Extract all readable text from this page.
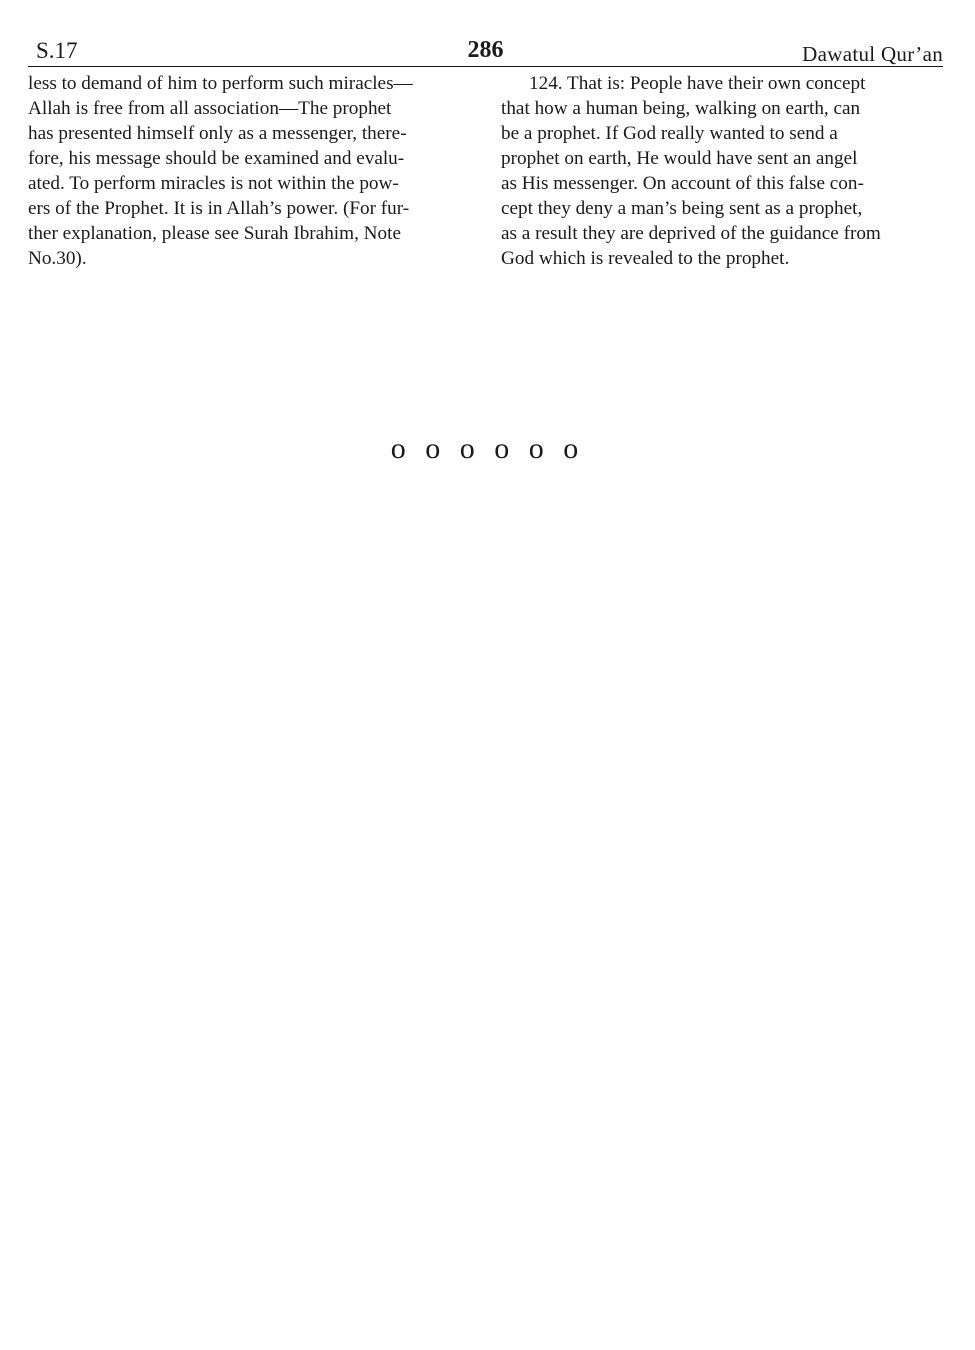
S.17	286	Dawatul Qur’an

less to demand of him to perform such miracles—
Allah is free from all association—The prophet
has presented himself only as a messenger, there-
fore, his message should be examined and evalu-
ated. To perform miracles is not within the pow-
ers of the Prophet. It is in Allah’s power. (For fur-
ther explanation, please see Surah Ibrahim, Note
No.30).

124. That is: People have their own concept
that how a human being, walking on earth, can
be a prophet. If God really wanted to send a
prophet on earth, He would have sent an angel
as His messenger. On account of this false con-
cept they deny a man’s being sent as a prophet,
as a result they are deprived of the guidance from
God which is revealed to the prophet.

o o o o o o
